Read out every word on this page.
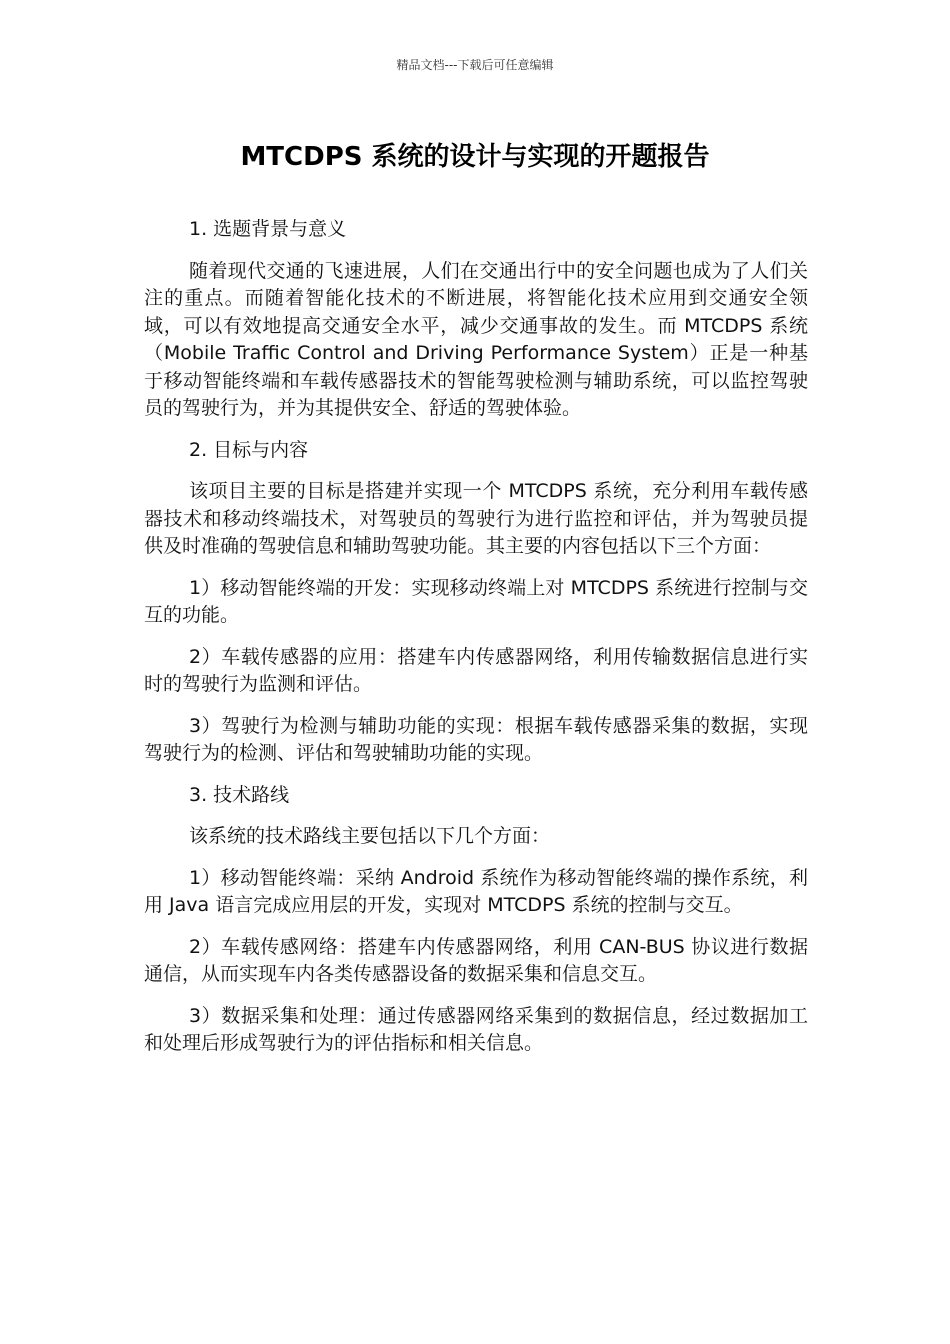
精品文档---下载后可任意编辑
MTCDPS 系统的设计与实现的开题报告

1. 选题背景与意义

随着现代交通的飞速进展，人们在交通出行中的安全问题也成为了人们关注的重点。而随着智能化技术的不断进展，将智能化技术应用到交通安全领域，可以有效地提高交通安全水平，减少交通事故的发生。而 MTCDPS 系统（Mobile Traffic Control and Driving Performance System）正是一种基于移动智能终端和车载传感器技术的智能驾驶检测与辅助系统，可以监控驾驶员的驾驶行为，并为其提供安全、舒适的驾驶体验。

2. 目标与内容

该项目主要的目标是搭建并实现一个 MTCDPS 系统，充分利用车载传感器技术和移动终端技术，对驾驶员的驾驶行为进行监控和评估，并为驾驶员提供及时准确的驾驶信息和辅助驾驶功能。其主要的内容包括以下三个方面：

1）移动智能终端的开发：实现移动终端上对 MTCDPS 系统进行控制与交互的功能。

2）车载传感器的应用：搭建车内传感器网络，利用传输数据信息进行实时的驾驶行为监测和评估。

3）驾驶行为检测与辅助功能的实现：根据车载传感器采集的数据，实现驾驶行为的检测、评估和驾驶辅助功能的实现。

3. 技术路线

该系统的技术路线主要包括以下几个方面：

1）移动智能终端：采纳 Android 系统作为移动智能终端的操作系统，利用 Java 语言完成应用层的开发，实现对 MTCDPS 系统的控制与交互。

2）车载传感网络：搭建车内传感器网络，利用 CAN-BUS 协议进行数据通信，从而实现车内各类传感器设备的数据采集和信息交互。

3）数据采集和处理：通过传感器网络采集到的数据信息，经过数据加工和处理后形成驾驶行为的评估指标和相关信息。
